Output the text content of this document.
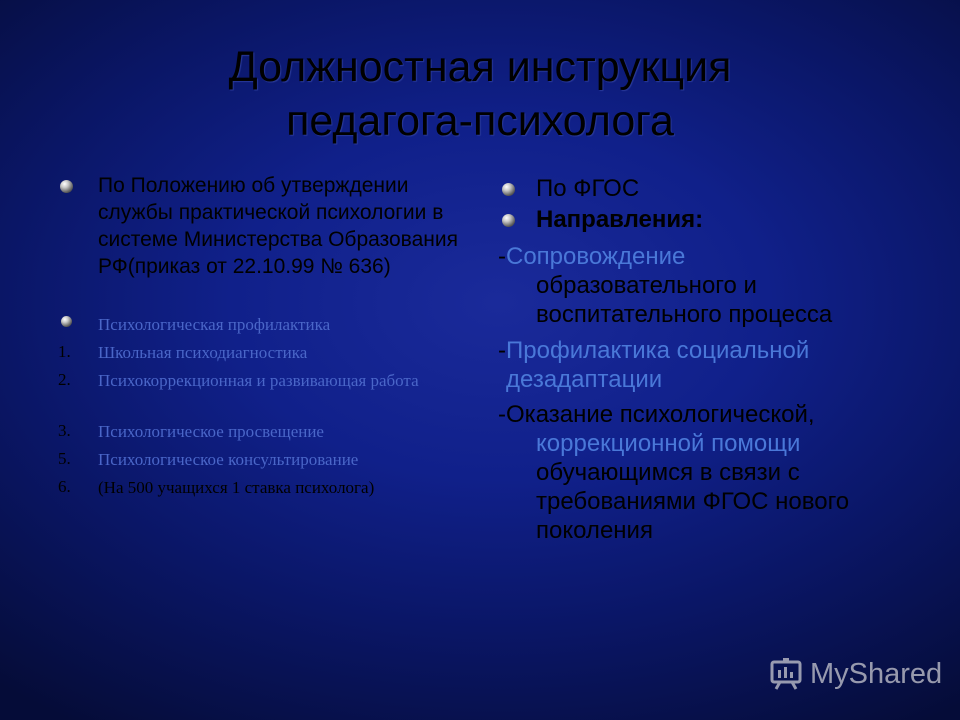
Должностная инструкция
педагога-психолога
По Положению об утверждении службы практической психологии в системе Министерства Образования РФ(приказ от 22.10.99 № 636)
Психологическая профилактика
1. Школьная психодиагностика
2. Психокоррекционная и развивающая работа
3. Психологическое просвещение
5. Психологическое консультирование
6. (На 500 учащихся 1 ставка психолога)
По ФГОС
Направления:
-Сопровождение
образовательного и воспитательного процесса
-Профилактика социальной дезадаптации
-Оказание психологической,
коррекционной помощи
обучающимся в связи с требованиями ФГОС нового поколения
MyShared
